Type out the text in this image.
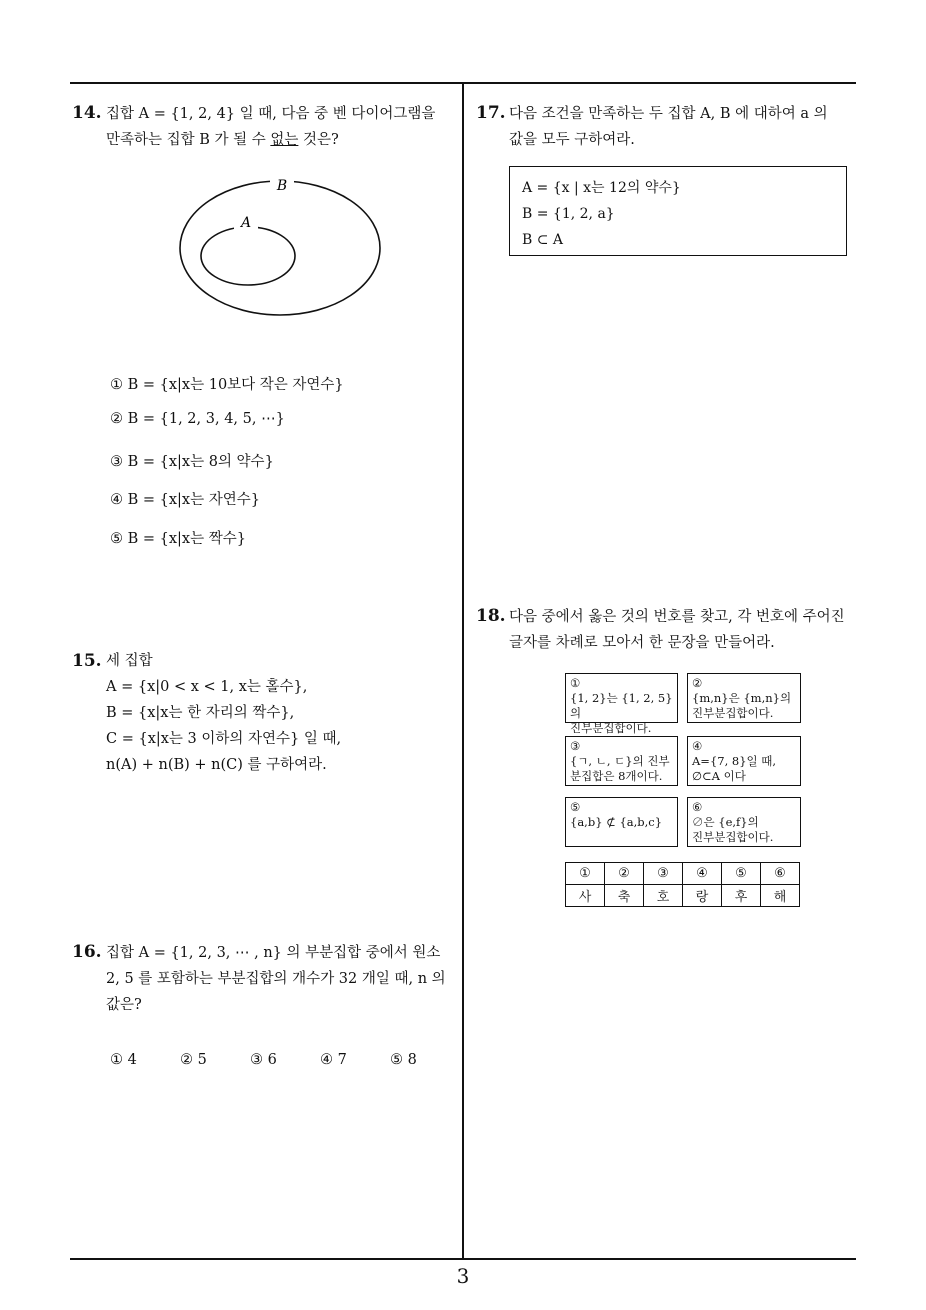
14. 집합 A = {1, 2, 4} 일 때, 다음 중 벤 다이어그램을
만족하는 집합 B 가 될 수 없는 것은?
B
A
① B = {x|x는 10보다 작은 자연수}
② B = {1, 2, 3, 4, 5, ⋯}
③ B = {x|x는 8의 약수}
④ B = {x|x는 자연수}
⑤ B = {x|x는 짝수}
15. 세 집합
A = {x|0 < x < 1, x는 홀수},
B = {x|x는 한 자리의 짝수},
C = {x|x는 3 이하의 자연수} 일 때,
n(A) + n(B) + n(C) 를 구하여라.
16. 집합 A = {1, 2, 3, ⋯ , n} 의 부분집합 중에서 원소
2, 5 를 포함하는 부분집합의 개수가 32 개일 때, n 의
값은?
① 4	② 5	③ 6	④ 7	⑤ 8
17. 다음 조건을 만족하는 두 집합 A, B 에 대하여 a 의
값을 모두 구하여라.
A = {x | x는 12의 약수}
B = {1, 2, a}
B ⊂ A
18. 다음 중에서 옳은 것의 번호를 찾고, 각 번호에 주어진
글자를 차례로 모아서 한 문장을 만들어라.
①
{1, 2}는 {1, 2, 5}의
진부분집합이다.
②
{m,n}은 {m,n}의
진부분집합이다.
③
{ㄱ, ㄴ, ㄷ}의 진부
분집합은 8개이다.
④
A={7, 8}일 때,
∅⊂A 이다
⑤
{a,b} ⊄ {a,b,c}
⑥
∅은 {e,f}의
진부분집합이다.
①	②	③	④	⑤	⑥
사	축	호	랑	후	해
3
